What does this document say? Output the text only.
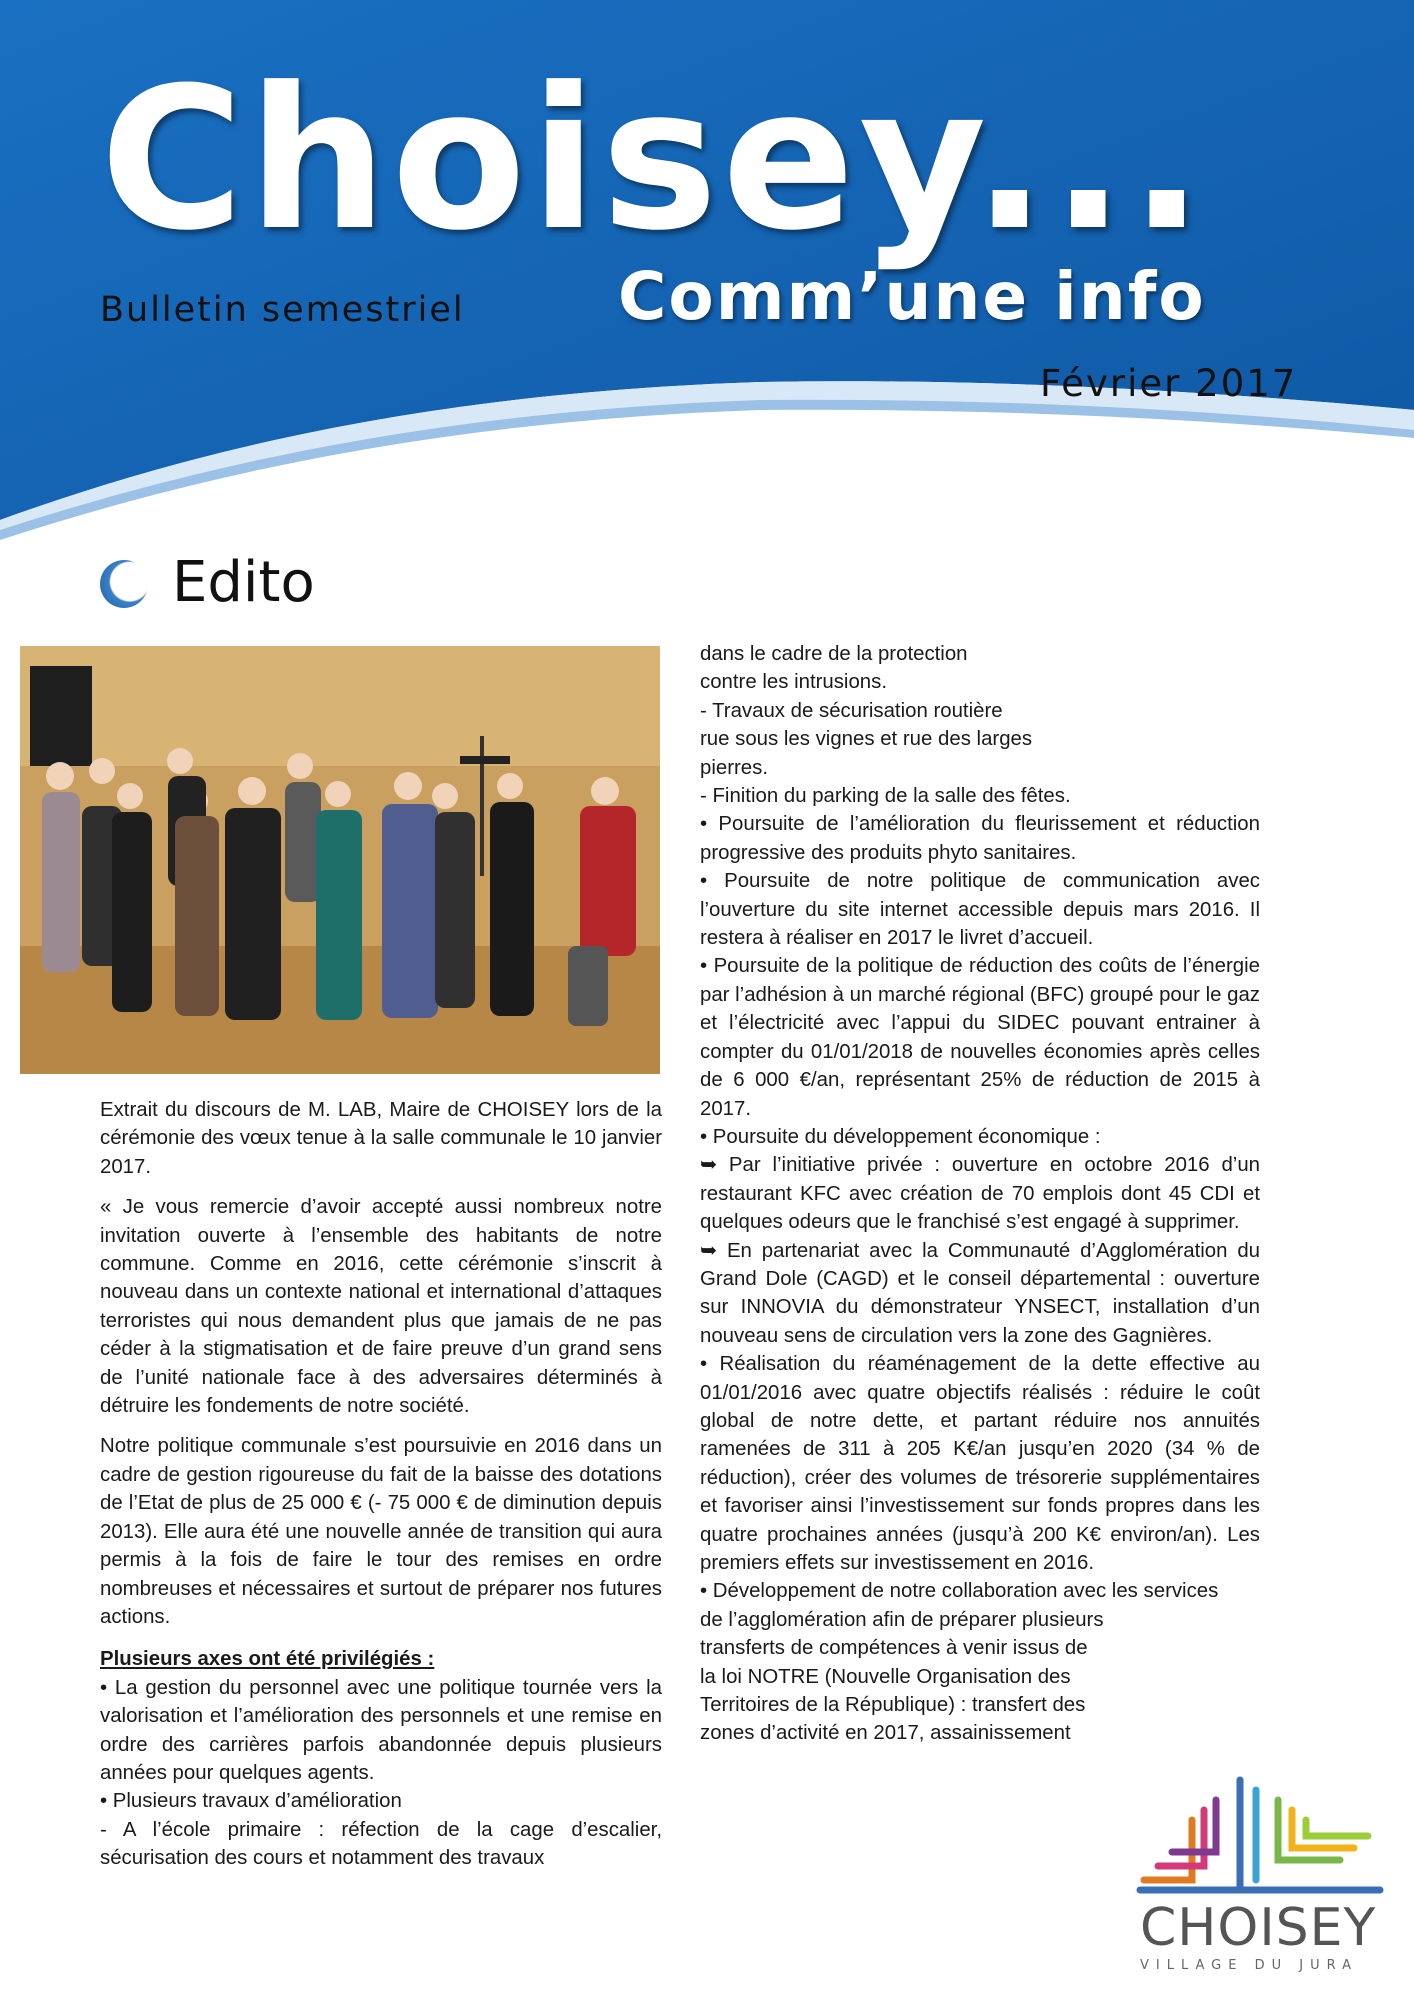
Choisey...
Comm’une info
Bulletin semestriel
Février 2017
Edito

Extrait du discours de M. LAB, Maire de CHOISEY lors de la cérémonie des vœux tenue à la salle communale le 10 janvier 2017.

« Je vous remercie d’avoir accepté aussi nombreux notre invitation ouverte à l’ensemble des habitants de notre commune. Comme en 2016, cette cérémonie s’inscrit à nouveau dans un contexte national et international d’attaques terroristes qui nous demandent plus que jamais de ne pas céder à la stigmatisation et de faire preuve d’un grand sens de l’unité nationale face à des adversaires déterminés à détruire les fondements de notre société.

Notre politique communale s’est poursuivie en 2016 dans un cadre de gestion rigoureuse du fait de la baisse des dotations de l’Etat de plus de 25 000 € (- 75 000 € de diminution depuis 2013). Elle aura été une nouvelle année de transition qui aura permis à la fois de faire le tour des remises en ordre nombreuses et nécessaires et surtout de préparer nos futures actions.

Plusieurs axes ont été privilégiés :

• La gestion du personnel avec une politique tournée vers la valorisation et l’amélioration des personnels et une remise en ordre des carrières parfois abandonnée depuis plusieurs années pour quelques agents.

• Plusieurs travaux d’amélioration

- A l’école primaire : réfection de la cage d’escalier, sécurisation des cours et notamment des travaux

dans le cadre de la protection
contre les intrusions.
- Travaux de sécurisation routière
rue sous les vignes et rue des larges
pierres.
- Finition du parking de la salle des fêtes.

• Poursuite de l’amélioration du fleurissement et réduction progressive des produits phyto sanitaires.

• Poursuite de notre politique de communication avec l’ouverture du site internet accessible depuis mars 2016. Il restera à réaliser en 2017 le livret d’accueil.

• Poursuite de la politique de réduction des coûts de l’énergie par l’adhésion à un marché régional (BFC) groupé pour le gaz et l’électricité avec l’appui du SIDEC pouvant entrainer à compter du 01/01/2018 de nouvelles économies après celles de 6 000 €/an, représentant 25% de réduction de 2015 à 2017.

• Poursuite du développement économique :

➥ Par l’initiative privée : ouverture en octobre 2016 d’un restaurant KFC avec création de 70 emplois dont 45 CDI et quelques odeurs que le franchisé s’est engagé à supprimer.

➥ En partenariat avec la Communauté d’Agglomération du Grand Dole (CAGD) et le conseil départemental : ouverture sur INNOVIA du démonstrateur YNSECT, installation d’un nouveau sens de circulation vers la zone des Gagnières.

• Réalisation du réaménagement de la dette effective au 01/01/2016 avec quatre objectifs réalisés : réduire le coût global de notre dette, et partant réduire nos annuités ramenées de 311 à 205 K€/an jusqu’en 2020 (34 % de réduction), créer des volumes de trésorerie supplémentaires et favoriser ainsi l’investissement sur fonds propres dans les quatre prochaines années (jusqu’à 200 K€ environ/an). Les premiers effets sur investissement en 2016.

• Développement de notre collaboration avec les services
de l’agglomération afin de préparer plusieurs
transferts de compétences à venir issus de
la loi NOTRE (Nouvelle Organisation des
Territoires de la République) : transfert des
zones d’activité en 2017, assainissement
CHOISEY
VILLAGE DU JURA
